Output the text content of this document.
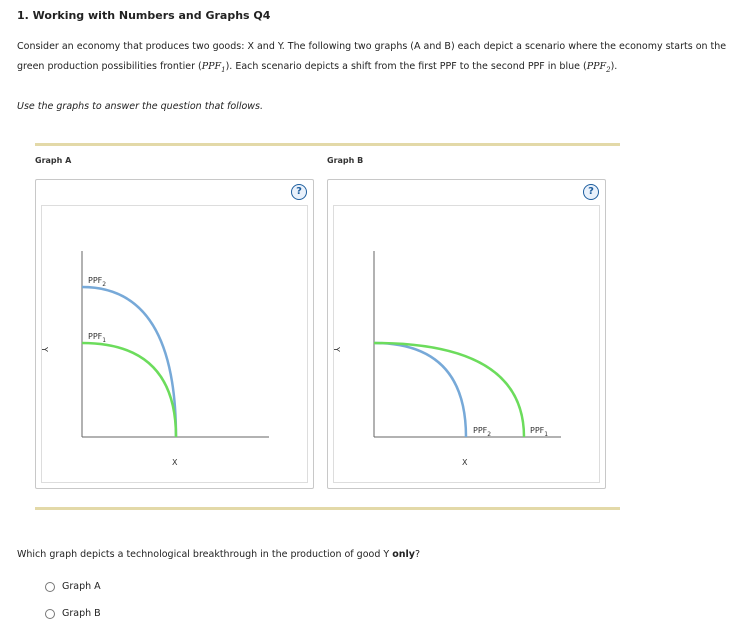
1. Working with Numbers and Graphs Q4
Consider an economy that produces two goods: X and Y. The following two graphs (A and B) each depict a scenario where the economy starts on the
green production possibilities frontier $(PPF_1)$. Each scenario depicts a shift from the first PPF to the second PPF in blue $(PPF_2)$.
Use the graphs to answer the question that follows.
Graph A
?
$PPF_2$
$PPF_1$
Y
X
Graph B
?
$PPF_2$	$PPF_1$
Y
X
Which graph depicts a technological breakthrough in the production of good Y only?
Graph A
Graph B
